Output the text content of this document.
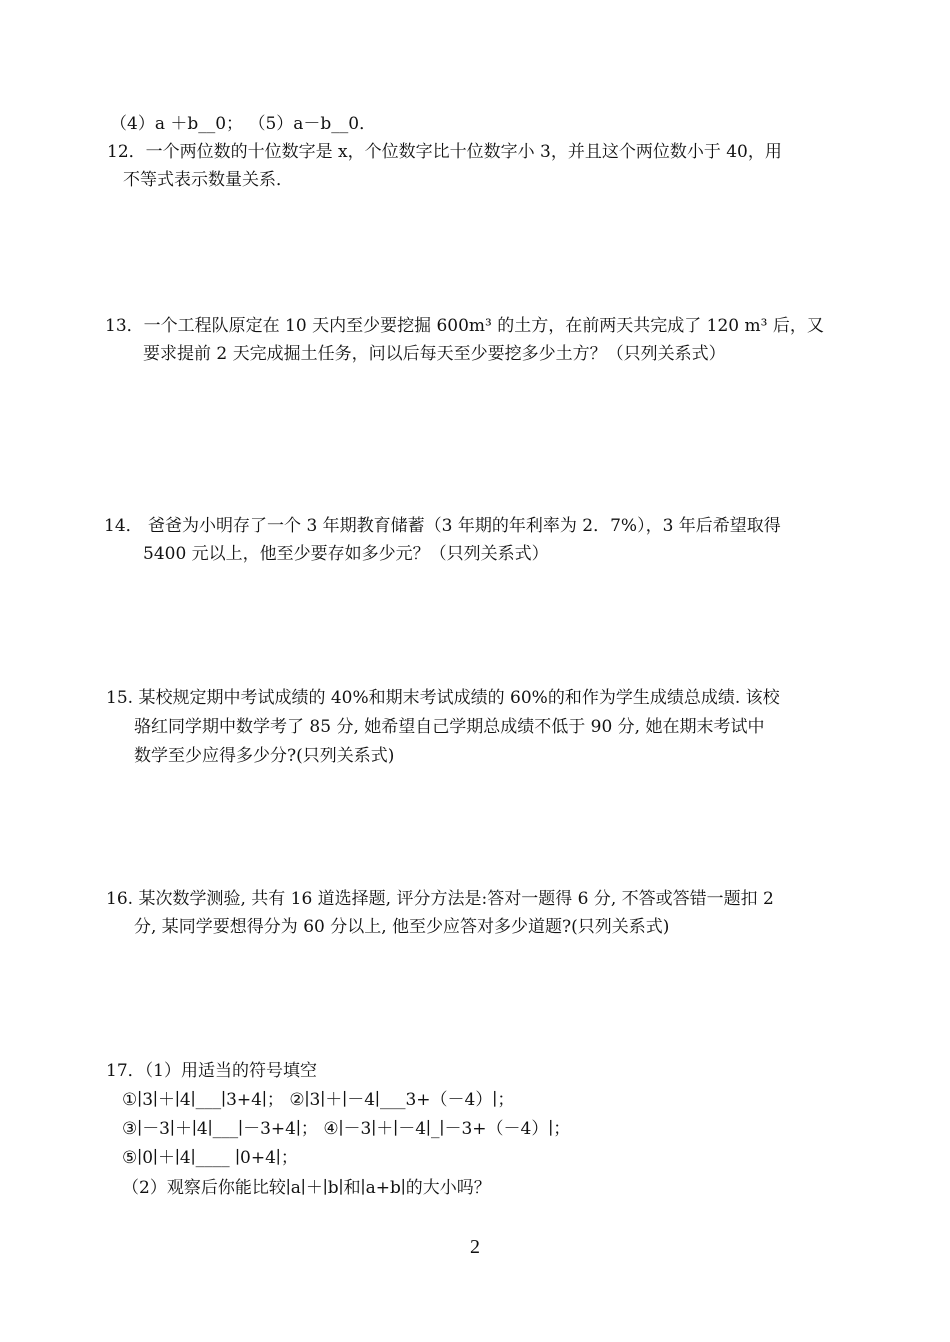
（4）a ＋b__0； （5）a－b__0．
12．一个两位数的十位数字是 x，个位数字比十位数字小 3，并且这个两位数小于 40，用
不等式表示数量关系．
13．一个工程队原定在 10 天内至少要挖掘 600m³ 的土方，在前两天共完成了 120 m³ 后，又
要求提前 2 天完成掘土任务，问以后每天至少要挖多少土方？（只列关系式）
14． 爸爸为小明存了一个 3 年期教育储蓄（3 年期的年利率为 2．7%），3 年后希望取得
5400 元以上，他至少要存如多少元？（只列关系式）
15. 某校规定期中考试成绩的 40%和期末考试成绩的 60%的和作为学生成绩总成绩. 该校
骆红同学期中数学考了 85 分, 她希望自己学期总成绩不低于 90 分, 她在期末考试中
数学至少应得多少分?(只列关系式)
16. 某次数学测验, 共有 16 道选择题, 评分方法是:答对一题得 6 分, 不答或答错一题扣 2
分, 某同学要想得分为 60 分以上, 他至少应答对多少道题?(只列关系式)
17．（1）用适当的符号填空
①∣3∣＋∣4∣___∣3+4∣； ②∣3∣＋∣－4∣___3+（－4）∣；
③∣－3∣＋∣4∣___∣－3+4∣； ④∣－3∣＋∣－4∣_∣－3+（－4）∣；
⑤∣0∣＋∣4∣____ ∣0+4∣；
（2）观察后你能比较∣a∣＋∣b∣和∣a+b∣的大小吗？
2
